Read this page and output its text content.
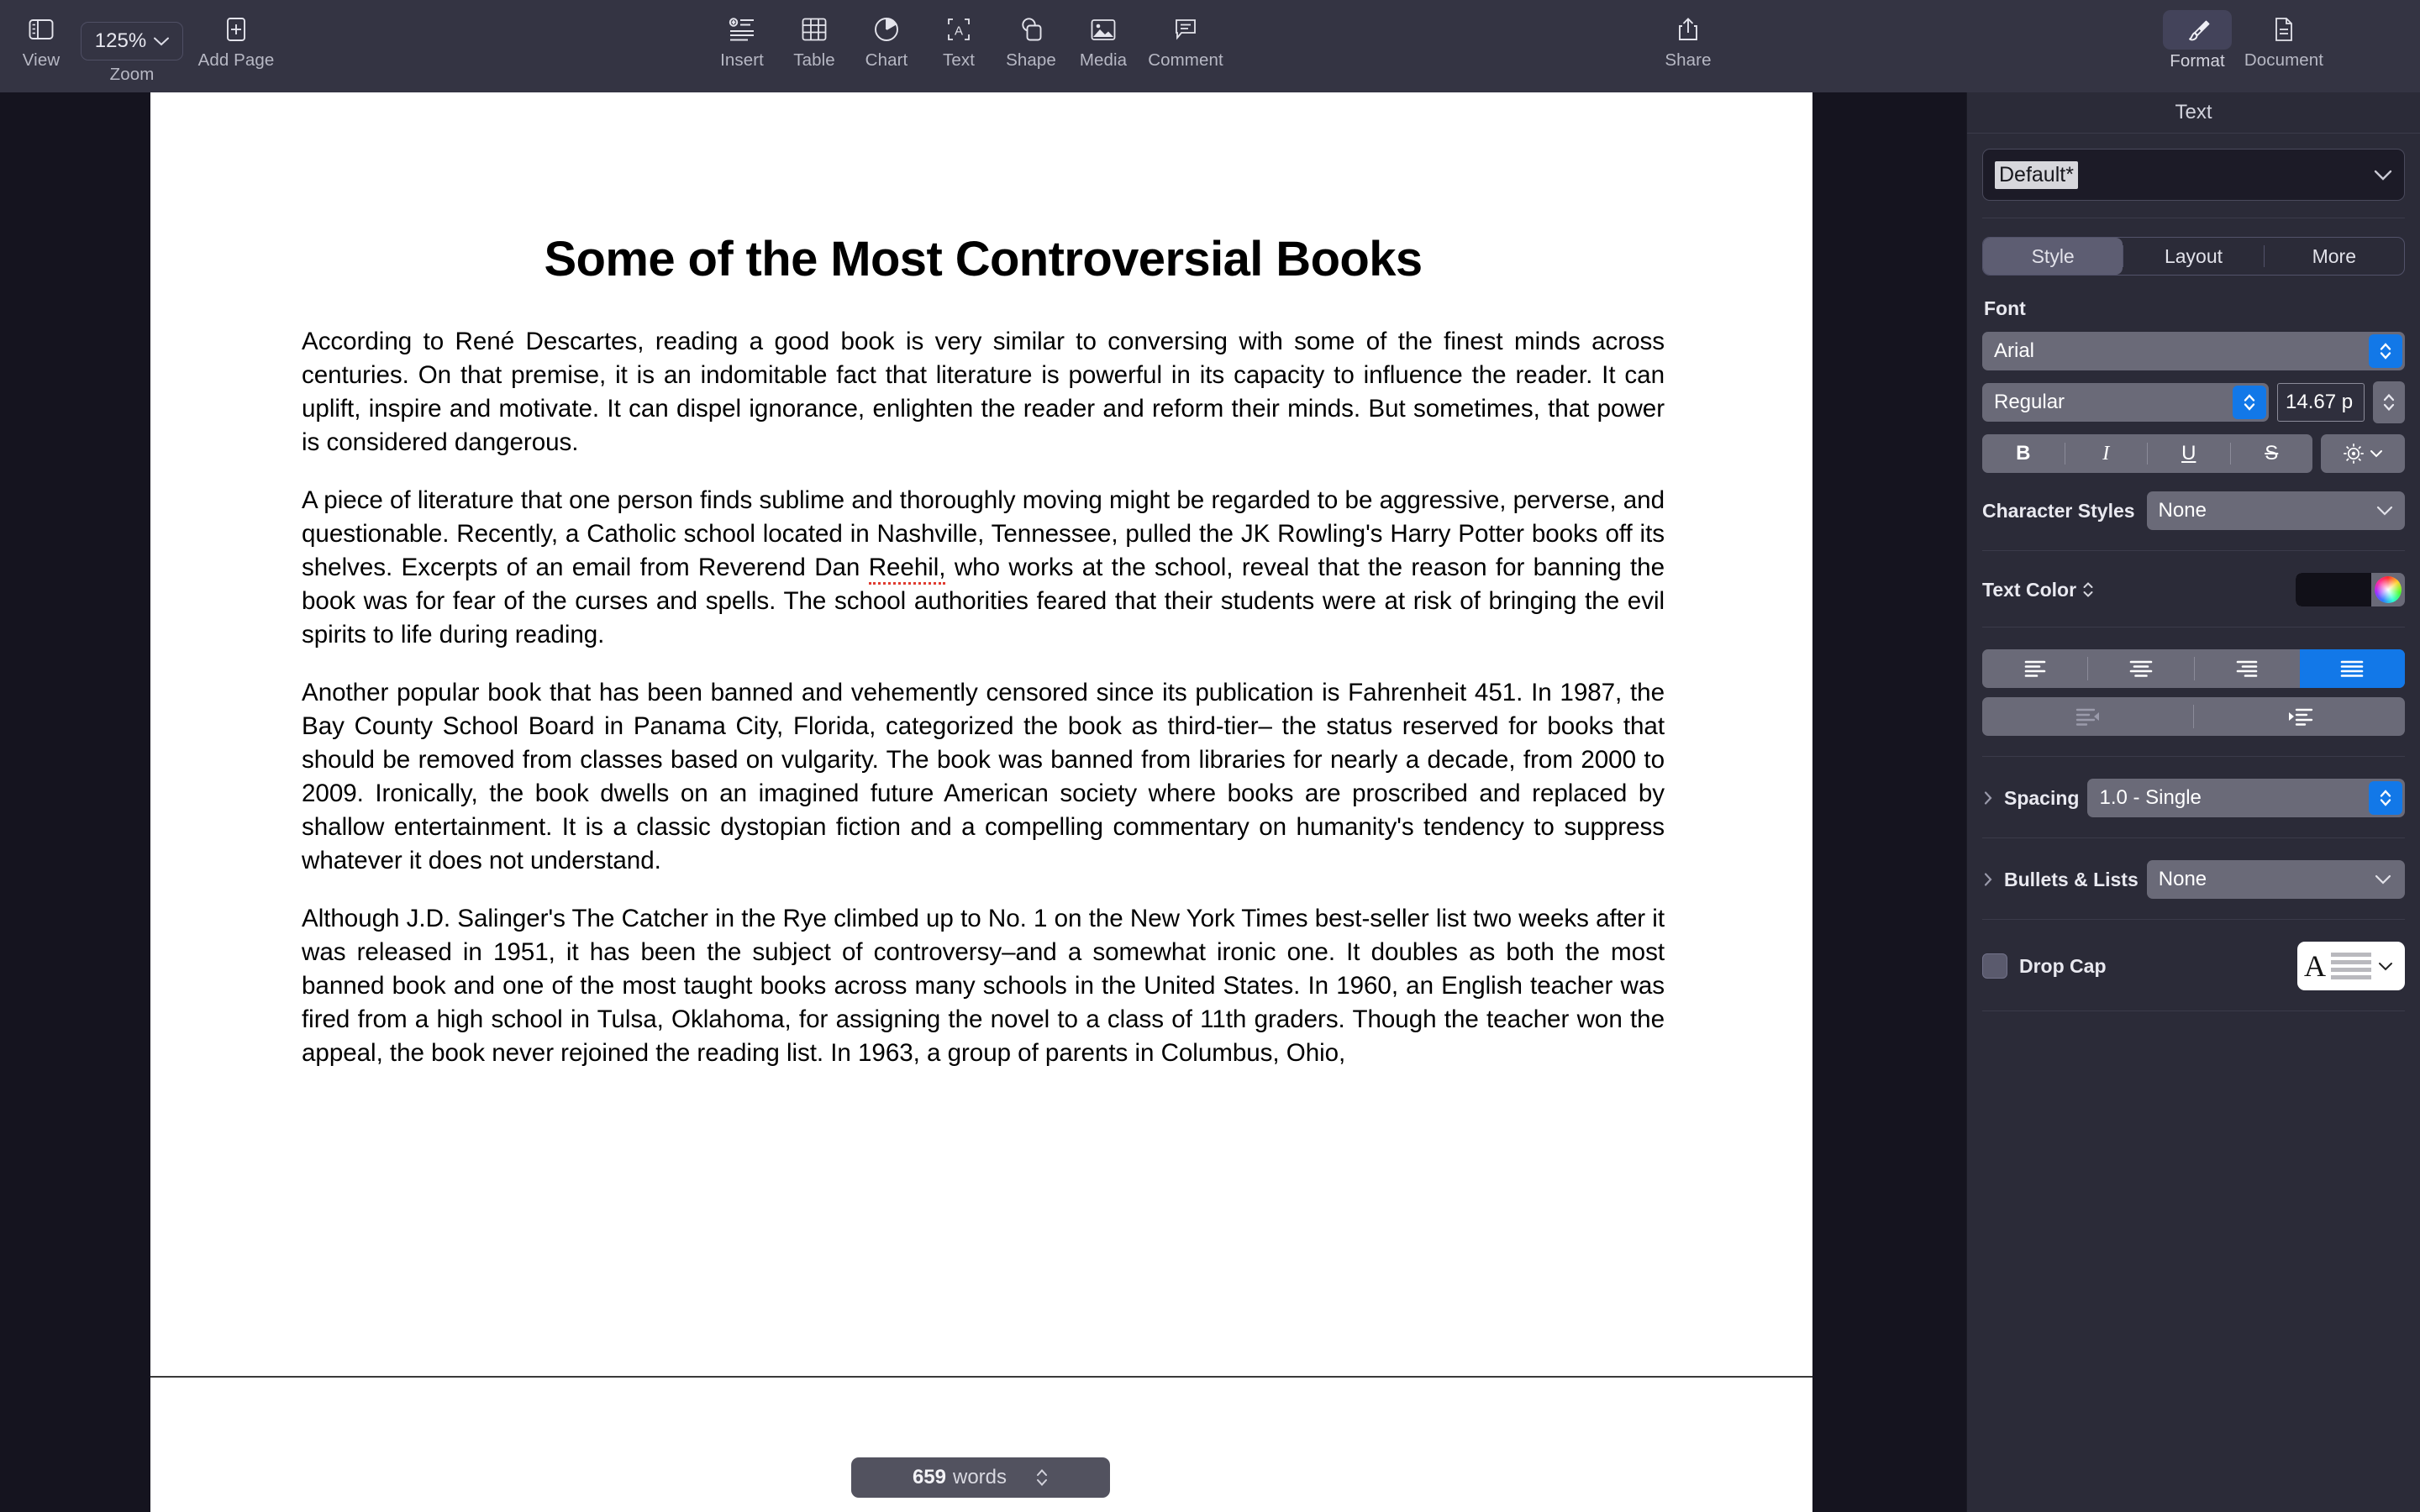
View
125%
Zoom
Add Page	Insert Table Chart
A
Text Shape Media Comment	Share	Format Document
Some of the Most Controversial Books

According to René Descartes, reading a good book is very similar to conversing with some of the finest minds across centuries. On that premise, it is an indomitable fact that literature is powerful in its capacity to influence the reader. It can uplift, inspire and motivate. It can dispel ignorance, enlighten the reader and reform their minds. But sometimes, that power is considered dangerous.

A piece of literature that one person finds sublime and thoroughly moving might be regarded to be aggressive, perverse, and questionable. Recently, a Catholic school located in Nashville, Tennessee, pulled the JK Rowling's Harry Potter books off its shelves. Excerpts of an email from Reverend Dan Reehil, who works at the school, reveal that the reason for banning the book was for fear of the curses and spells. The school authorities feared that their students were at risk of bringing the evil spirits to life during reading.

Another popular book that has been banned and vehemently censored since its publication is Fahrenheit 451. In 1987, the Bay County School Board in Panama City, Florida, categorized the book as third-tier– the status reserved for books that should be removed from classes based on vulgarity. The book was banned from libraries for nearly a decade, from 2000 to 2009. Ironically, the book dwells on an imagined future American society where books are proscribed and replaced by shallow entertainment. It is a classic dystopian fiction and a compelling commentary on humanity's tendency to suppress whatever it does not understand.

Although J.D. Salinger's The Catcher in the Rye climbed up to No. 1 on the New York Times best-seller list two weeks after it was released in 1951, it has been the subject of controversy–and a somewhat ironic one. It doubles as both the most banned book and one of the most taught books across many schools in the United States. In 1960, an English teacher was fired from a high school in Tulsa, Oklahoma, for assigning the novel to a class of 11th graders. Though the teacher won the appeal, the book never rejoined the reading list. In 1963, a group of parents in Columbus, Ohio,

659 words
Text
Default*
Style	Layout	More
Font
Arial
Regular	14.67 p
B	I	U	S
Character Styles None
Text Color
Spacing 1.0 - Single
Bullets & Lists None
Drop Cap	A
